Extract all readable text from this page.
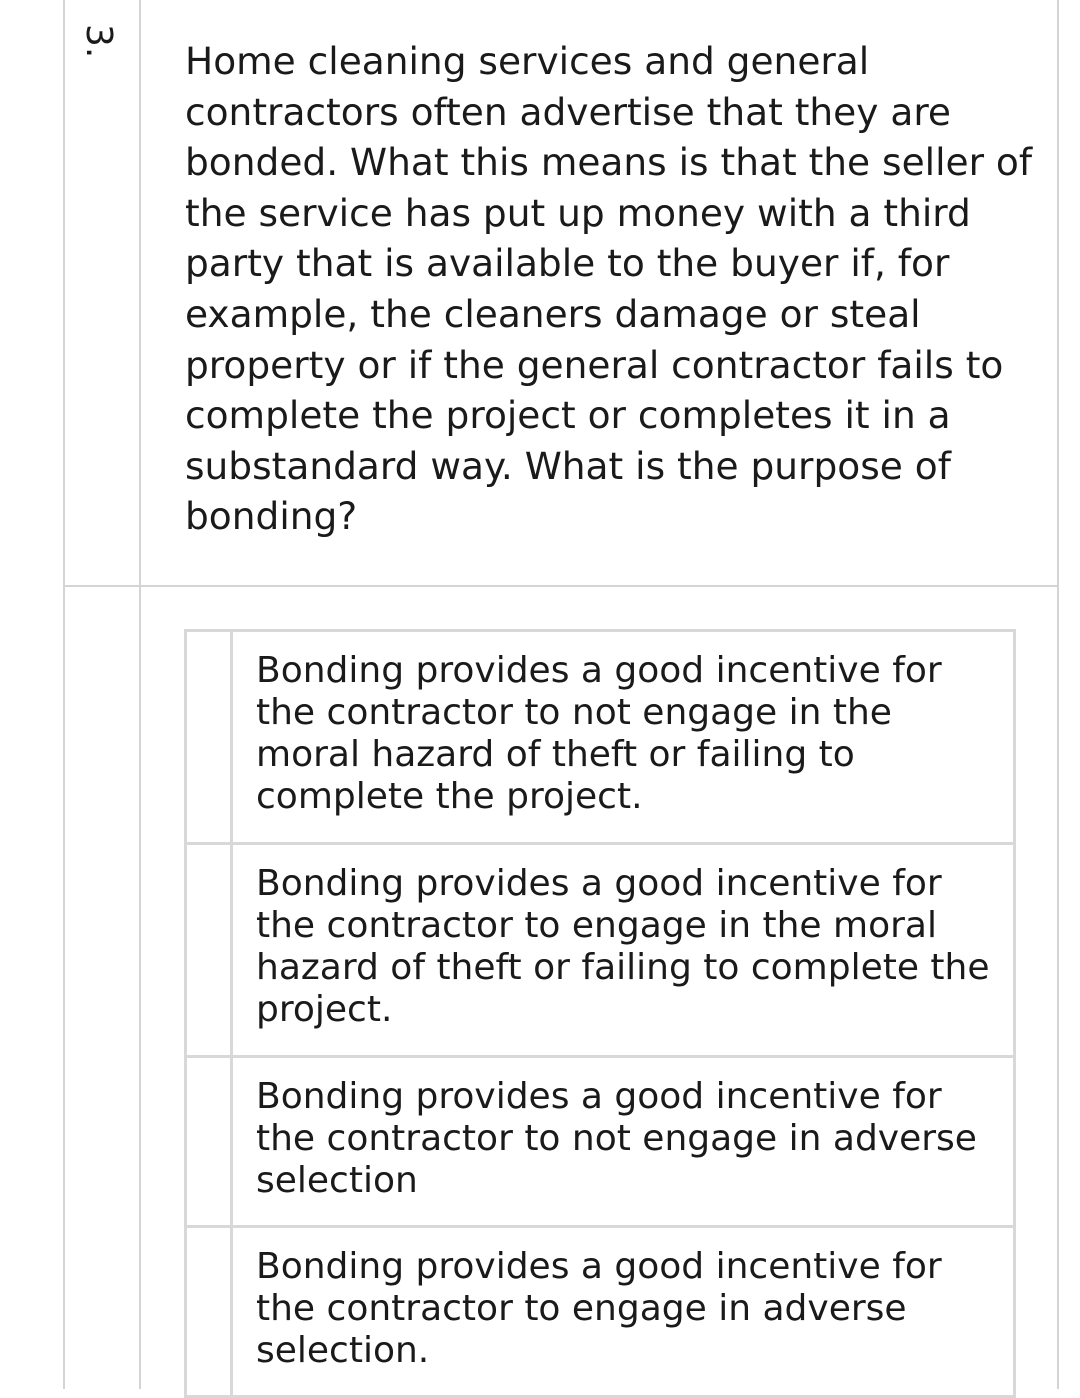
3. Home cleaning services and general contractors often advertise that they are bonded. What this means is that the seller of the service has put up money with a third party that is available to the buyer if, for example, the cleaners damage or steal property or if the general contractor fails to complete the project or completes it in a substandard way. What is the purpose of bonding?
Bonding provides a good incentive for the contractor to not engage in the moral hazard of theft or failing to complete the project.
Bonding provides a good incentive for the contractor to engage in the moral hazard of theft or failing to complete the project.
Bonding provides a good incentive for the contractor to not engage in adverse selection
Bonding provides a good incentive for the contractor to engage in adverse selection.
